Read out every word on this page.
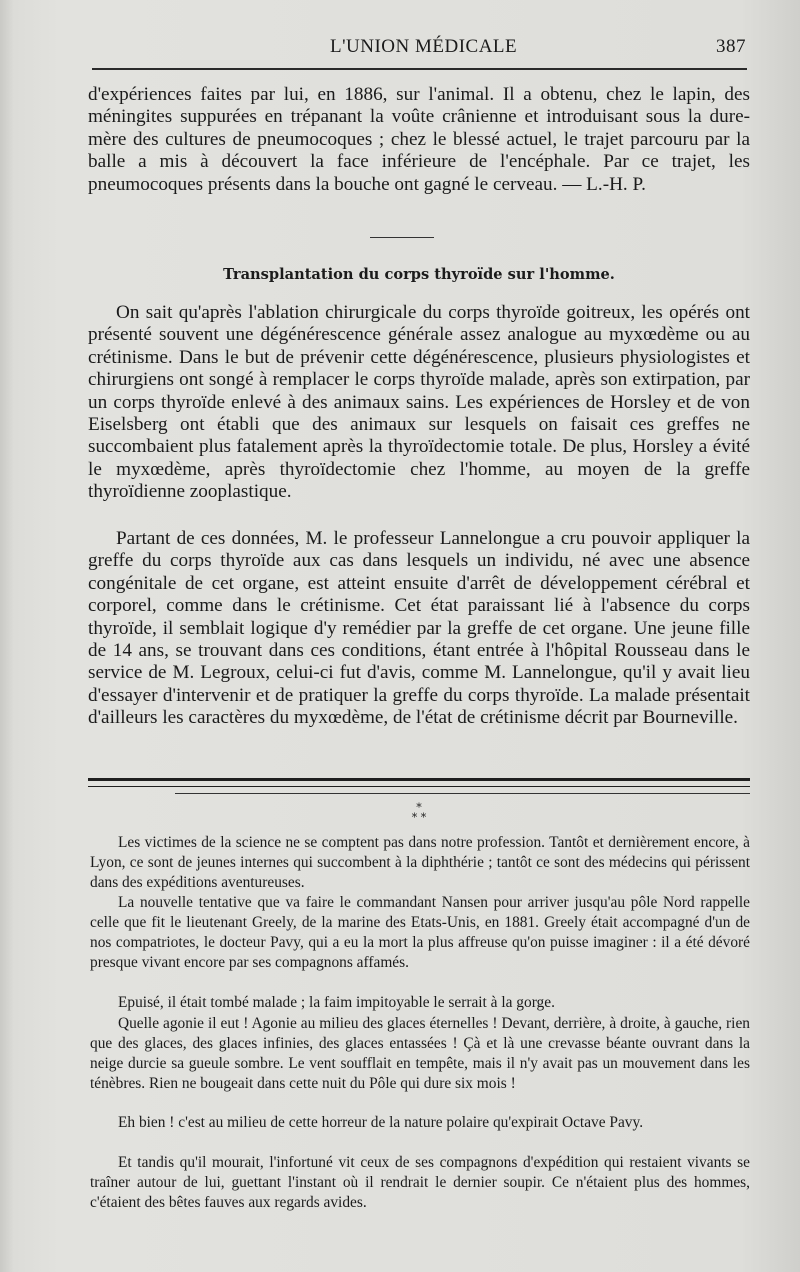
L'UNION MÉDICALE	387

d'expériences faites par lui, en 1886, sur l'animal. Il a obtenu, chez le lapin, des méningites suppurées en trépanant la voûte crânienne et introduisant sous la dure-mère des cultures de pneumocoques ; chez le blessé actuel, le trajet parcouru par la balle a mis à découvert la face inférieure de l'encéphale. Par ce trajet, les pneumocoques présents dans la bouche ont gagné le cerveau. — L.-H. P.

Transplantation du corps thyroïde sur l'homme.

On sait qu'après l'ablation chirurgicale du corps thyroïde goitreux, les opérés ont présenté souvent une dégénérescence générale assez analogue au myxœdème ou au crétinisme. Dans le but de prévenir cette dégénérescence, plusieurs physiologistes et chirurgiens ont songé à remplacer le corps thyroïde malade, après son extirpation, par un corps thyroïde enlevé à des animaux sains. Les expériences de Horsley et de von Eiselsberg ont établi que des animaux sur lesquels on faisait ces greffes ne succombaient plus fatalement après la thyroïdectomie totale. De plus, Horsley a évité le myxœdème, après thyroïdectomie chez l'homme, au moyen de la greffe thyroïdienne zooplastique.

Partant de ces données, M. le professeur Lannelongue a cru pouvoir appliquer la greffe du corps thyroïde aux cas dans lesquels un individu, né avec une absence congénitale de cet organe, est atteint ensuite d'arrêt de développement cérébral et corporel, comme dans le crétinisme. Cet état paraissant lié à l'absence du corps thyroïde, il semblait logique d'y remédier par la greffe de cet organe. Une jeune fille de 14 ans, se trouvant dans ces conditions, étant entrée à l'hôpital Rousseau dans le service de M. Legroux, celui-ci fut d'avis, comme M. Lannelongue, qu'il y avait lieu d'essayer d'intervenir et de pratiquer la greffe du corps thyroïde. La malade présentait d'ailleurs les caractères du myxœdème, de l'état de crétinisme décrit par Bourneville.

*
* *

Les victimes de la science ne se comptent pas dans notre profession. Tantôt et dernièrement encore, à Lyon, ce sont de jeunes internes qui succombent à la diphthérie ; tantôt ce sont des médecins qui périssent dans des expéditions aventureuses.

La nouvelle tentative que va faire le commandant Nansen pour arriver jusqu'au pôle Nord rappelle celle que fit le lieutenant Greely, de la marine des Etats-Unis, en 1881. Greely était accompagné d'un de nos compatriotes, le docteur Pavy, qui a eu la mort la plus affreuse qu'on puisse imaginer : il a été dévoré presque vivant encore par ses compagnons affamés.

Epuisé, il était tombé malade ; la faim impitoyable le serrait à la gorge.

Quelle agonie il eut ! Agonie au milieu des glaces éternelles ! Devant, derrière, à droite, à gauche, rien que des glaces, des glaces infinies, des glaces entassées ! Çà et là une crevasse béante ouvrant dans la neige durcie sa gueule sombre. Le vent soufflait en tempête, mais il n'y avait pas un mouvement dans les ténèbres. Rien ne bougeait dans cette nuit du Pôle qui dure six mois !

Eh bien ! c'est au milieu de cette horreur de la nature polaire qu'expirait Octave Pavy.

Et tandis qu'il mourait, l'infortuné vit ceux de ses compagnons d'expédition qui restaient vivants se traîner autour de lui, guettant l'instant où il rendrait le dernier soupir. Ce n'étaient plus des hommes, c'étaient des bêtes fauves aux regards avides.
